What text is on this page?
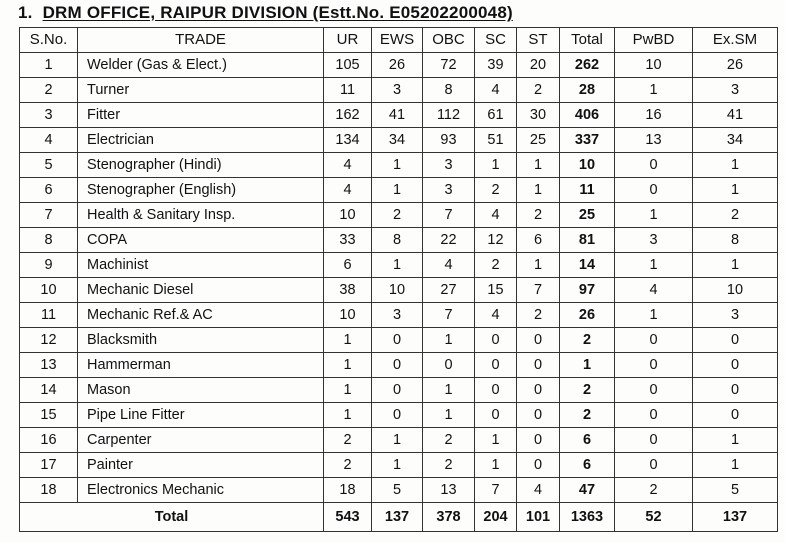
1. DRM OFFICE, RAIPUR DIVISION (Estt.No. E05202200048)
S.No.	TRADE	UR	EWS	OBC	SC	ST	Total	PwBD	Ex.SM
1	Welder (Gas & Elect.)	105	26	72	39	20	262	10	26
2	Turner	11	3	8	4	2	28	1	3
3	Fitter	162	41	112	61	30	406	16	41
4	Electrician	134	34	93	51	25	337	13	34
5	Stenographer (Hindi)	4	1	3	1	1	10	0	1
6	Stenographer (English)	4	1	3	2	1	11	0	1
7	Health & Sanitary Insp.	10	2	7	4	2	25	1	2
8	COPA	33	8	22	12	6	81	3	8
9	Machinist	6	1	4	2	1	14	1	1
10	Mechanic Diesel	38	10	27	15	7	97	4	10
11	Mechanic Ref.& AC	10	3	7	4	2	26	1	3
12	Blacksmith	1	0	1	0	0	2	0	0
13	Hammerman	1	0	0	0	0	1	0	0
14	Mason	1	0	1	0	0	2	0	0
15	Pipe Line Fitter	1	0	1	0	0	2	0	0
16	Carpenter	2	1	2	1	0	6	0	1
17	Painter	2	1	2	1	0	6	0	1
18	Electronics Mechanic	18	5	13	7	4	47	2	5
Total		543	137	378	204	101	1363	52	137
